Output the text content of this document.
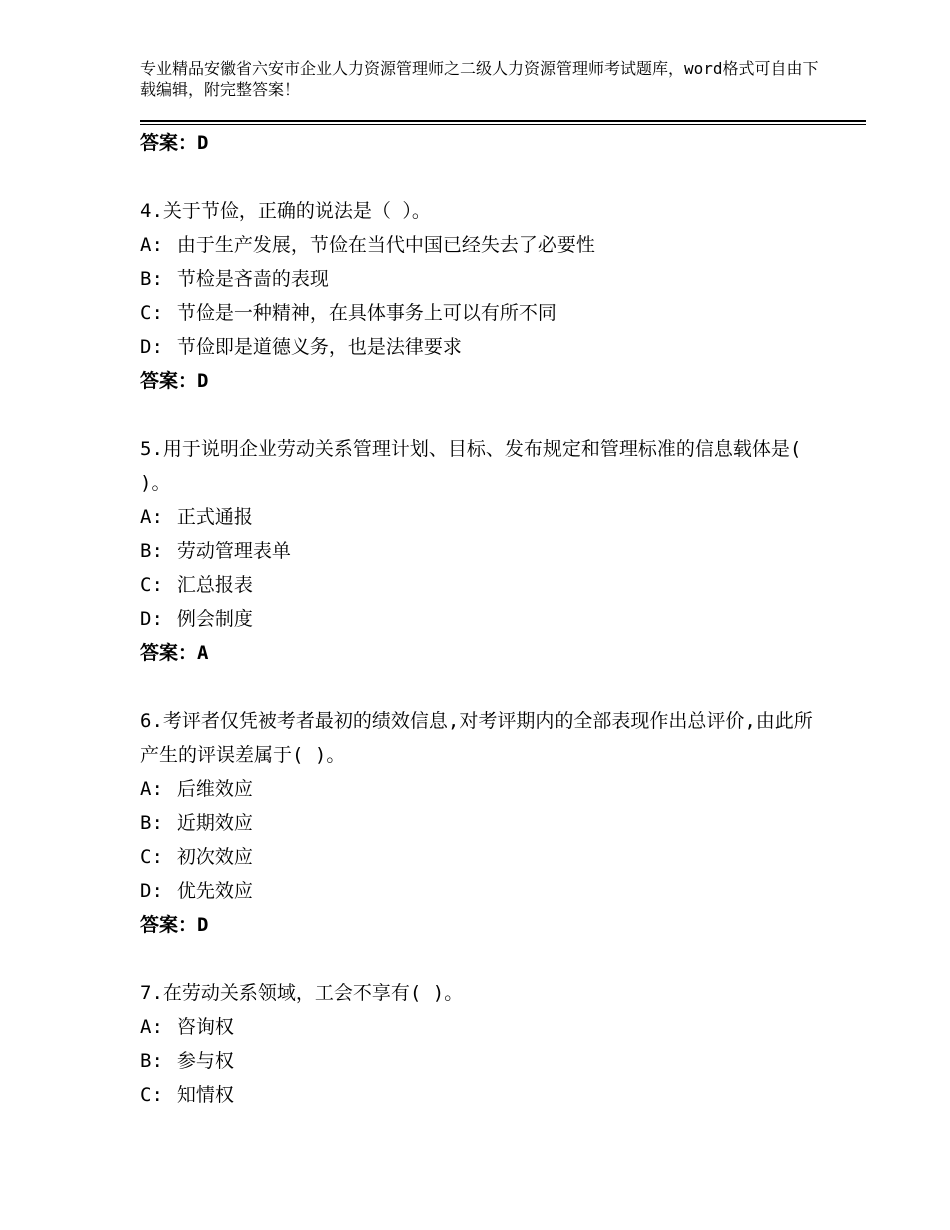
专业精品安徽省六安市企业人力资源管理师之二级人力资源管理师考试题库，word格式可自由下载编辑，附完整答案！
答案：D
4.关于节俭，正确的说法是（ ）。
A: 由于生产发展，节俭在当代中国已经失去了必要性
B: 节检是吝啬的表现
C: 节俭是一种精神，在具体事务上可以有所不同
D: 节俭即是道德义务，也是法律要求
答案：D
5.用于说明企业劳动关系管理计划、目标、发布规定和管理标准的信息载体是( )。
A: 正式通报
B: 劳动管理表单
C: 汇总报表
D: 例会制度
答案：A
6.考评者仅凭被考者最初的绩效信息,对考评期内的全部表现作出总评价,由此所产生的评误差属于( )。
A: 后维效应
B: 近期效应
C: 初次效应
D: 优先效应
答案：D
7.在劳动关系领域，工会不享有( )。
A: 咨询权
B: 参与权
C: 知情权
